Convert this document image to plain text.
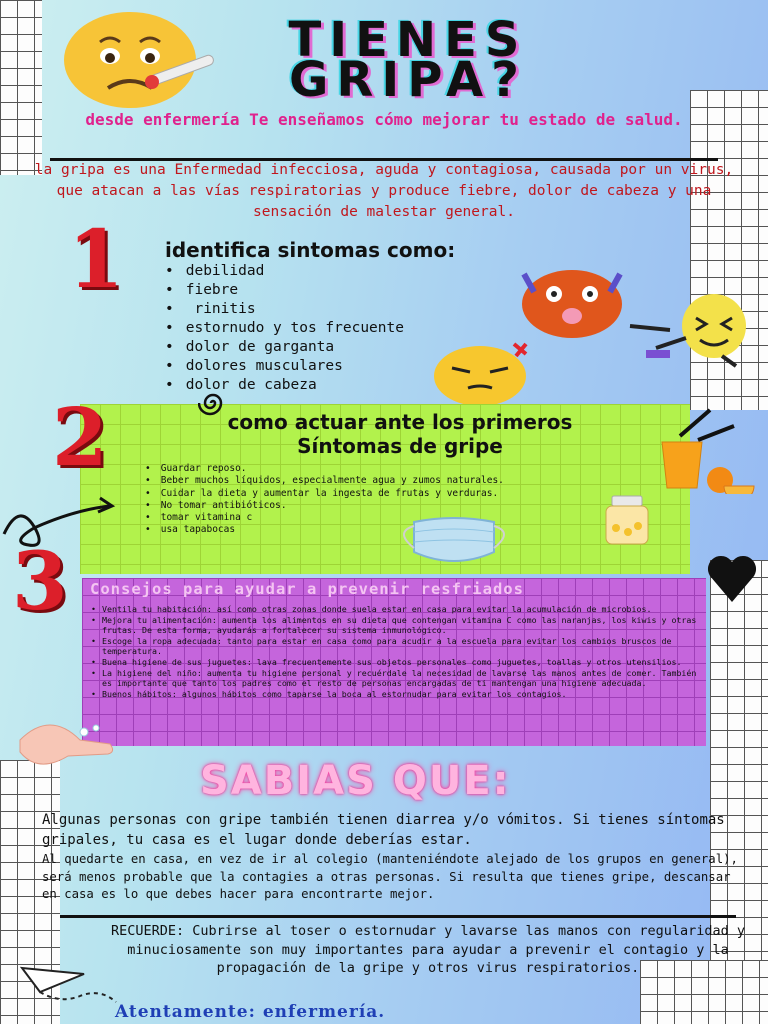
TIENES
GRIPA?
desde enfermería Te enseñamos cómo mejorar tu estado de salud.
la gripa es una Enfermedad infecciosa, aguda y contagiosa, causada por un virus, que atacan a las vías respiratorias y produce fiebre, dolor de cabeza y una sensación de malestar general.
1 identifica sintomas como:
• debilidad
• fiebre
• rinitis
• estornudo y tos frecuente
• dolor de garganta
• dolores musculares
• dolor de cabeza
2	como actuar ante los primeros
Síntomas de gripe
• Guardar reposo.
• Beber muchos líquidos, especialmente agua y zumos naturales.
• Cuidar la dieta y aumentar la ingesta de frutas y verduras.
• No tomar antibióticos.
• tomar vitamina c
• usa tapabocas
3 Consejos para ayudar a prevenir resfriados
• Ventila tu habitación: así como otras zonas donde suela estar en casa para evitar la acumulación de microbios.
• Mejora tu alimentación: aumenta los alimentos en su dieta que contengan vitamina C como las naranjas, los kiwis y otras frutas. De esta forma, ayudarás a fortalecer su sistema inmunológico.
• Escoge la ropa adecuada: tanto para estar en casa como para acudir a la escuela para evitar los cambios bruscos de temperatura.
• Buena higiene de sus juguetes: lava frecuentemente sus objetos personales como juguetes, toallas y otros utensilios.
• La higiene del niño: aumenta tu higiene personal y recuérdale la necesidad de lavarse las manos antes de comer. También es importante que tanto los padres como el resto de personas encargadas de ti mantengan una higiene adecuada.
• Buenos hábitos: algunos hábitos como taparse la boca al estornudar para evitar los contagios.
SABIAS QUE:
Algunas personas con gripe también tienen diarrea y/o vómitos. Si tienes síntomas gripales, tu casa es el lugar donde deberías estar.
Al quedarte en casa, en vez de ir al colegio (manteniéndote alejado de los grupos en general), será menos probable que la contagies a otras personas. Si resulta que tienes gripe, descansar en casa es lo que debes hacer para encontrarte mejor.
RECUERDE: Cubrirse al toser o estornudar y lavarse las manos con regularidad y minuciosamente son muy importantes para ayudar a prevenir el contagio y la propagación de la gripe y otros virus respiratorios.
Atentamente: enfermería.
